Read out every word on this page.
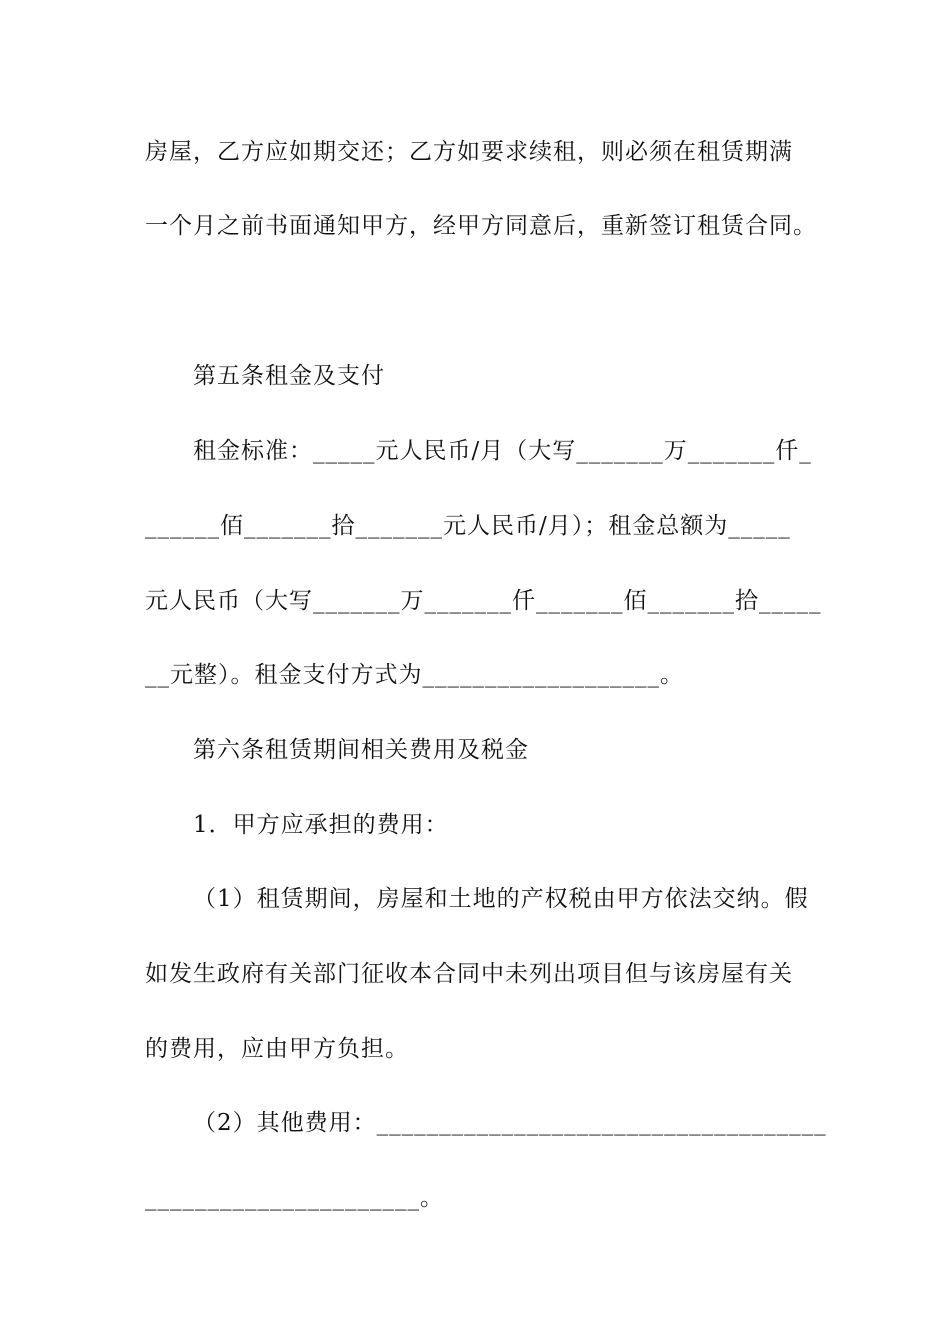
房屋，乙方应如期交还；乙方如要求续租，则必须在租赁期满
一个月之前书面通知甲方，经甲方同意后，重新签订租赁合同。
第五条租金及支付
租金标准：_____元人民币/月（大写_______万_______仟_
______佰_______拾_______元人民币/月）；租金总额为_____
元人民币（大写_______万_______仟_______佰_______拾_____
__元整）。租金支付方式为___________________。
第六条租赁期间相关费用及税金
1．甲方应承担的费用：
（1）租赁期间，房屋和土地的产权税由甲方依法交纳。假
如发生政府有关部门征收本合同中未列出项目但与该房屋有关
的费用，应由甲方负担。
（2）其他费用：____________________________________
______________________。
